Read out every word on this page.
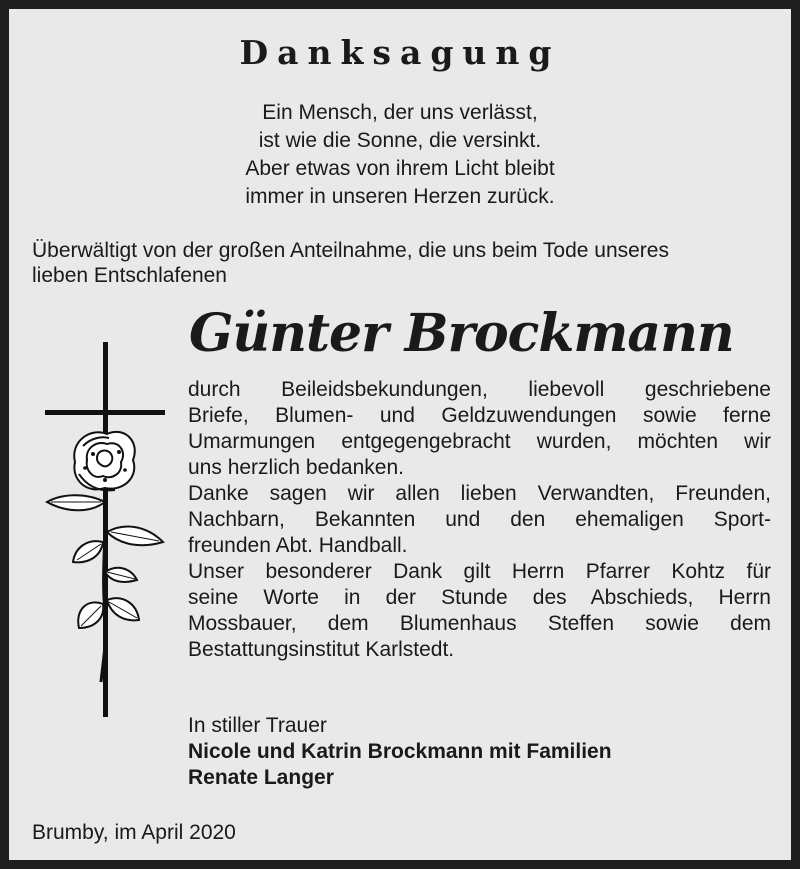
Danksagung
Ein Mensch, der uns verlässt,
ist wie die Sonne, die versinkt.
Aber etwas von ihrem Licht bleibt
immer in unseren Herzen zurück.
Überwältigt von der großen Anteilnahme, die uns beim Tode unseres
lieben Entschlafenen
Günter Brockmann
durch Beileidsbekundungen, liebevoll geschriebene
Briefe, Blumen- und Geldzuwendungen sowie ferne
Umarmungen entgegengebracht wurden, möchten wir
uns herzlich bedanken.
Danke sagen wir allen lieben Verwandten, Freunden,
Nachbarn, Bekannten und den ehemaligen Sport-
freunden Abt. Handball.
Unser besonderer Dank gilt Herrn Pfarrer Kohtz für
seine Worte in der Stunde des Abschieds, Herrn
Mossbauer, dem Blumenhaus Steffen sowie dem
Bestattungsinstitut Karlstedt.
In stiller Trauer
Nicole und Katrin Brockmann mit Familien
Renate Langer

Brumby, im April 2020
